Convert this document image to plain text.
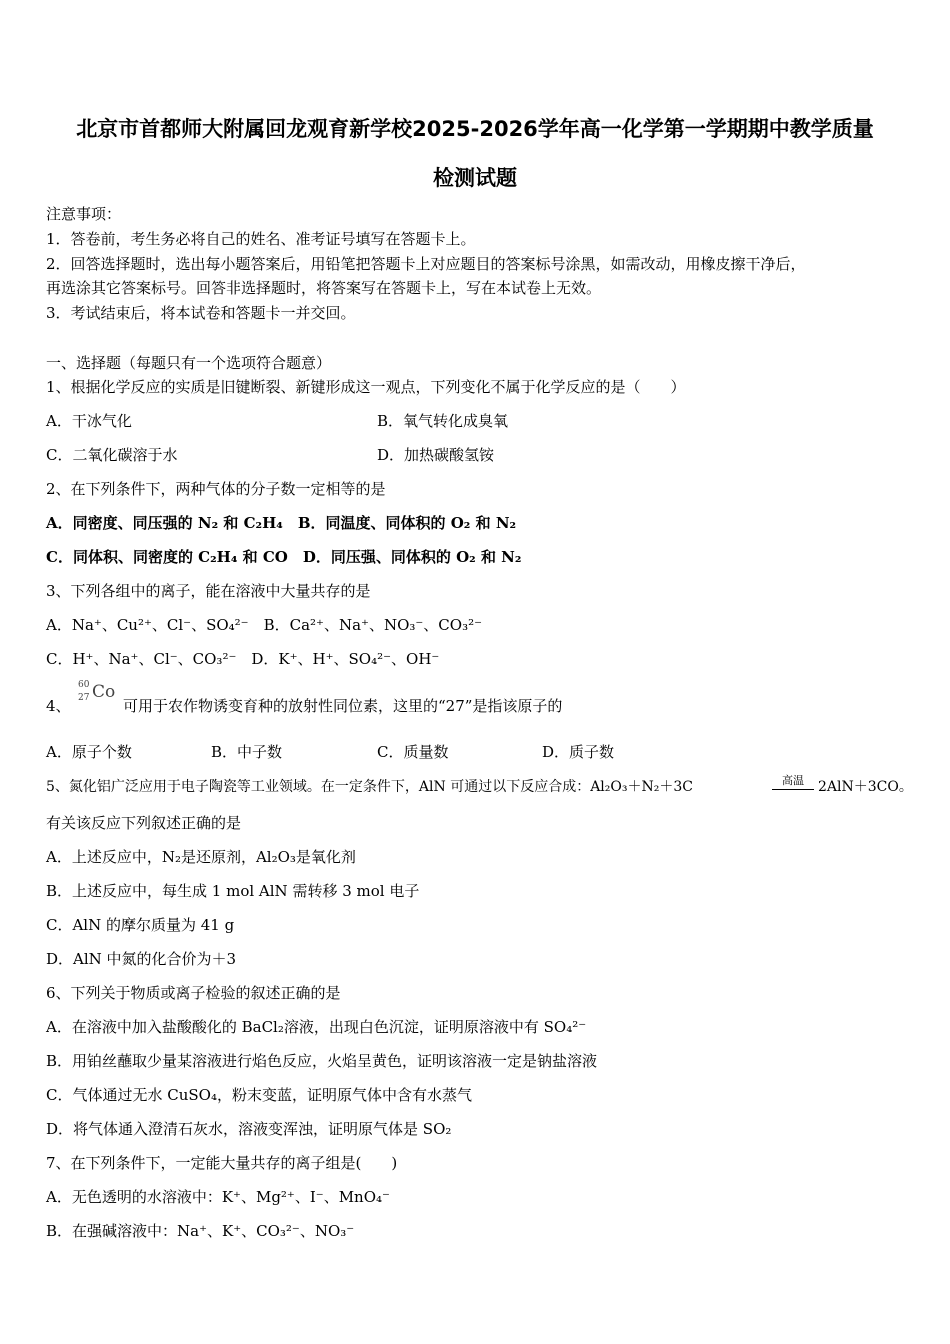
北京市首都师大附属回龙观育新学校2025-2026学年高一化学第一学期期中教学质量
检测试题
注意事项：
1．答卷前，考生务必将自己的姓名、准考证号填写在答题卡上。
2．回答选择题时，选出每小题答案后，用铅笔把答题卡上对应题目的答案标号涂黑，如需改动，用橡皮擦干净后，
再选涂其它答案标号。回答非选择题时，将答案写在答题卡上，写在本试卷上无效。
3．考试结束后，将本试卷和答题卡一并交回。
一、选择题（每题只有一个选项符合题意）
1、根据化学反应的实质是旧键断裂、新键形成这一观点，下列变化不属于化学反应的是（　　）
A．干冰气化	B．氧气转化成臭氧
C．二氧化碳溶于水	D．加热碳酸氢铵
2、在下列条件下，两种气体的分子数一定相等的是
A．同密度、同压强的 N₂ 和 C₂H₄　B．同温度、同体积的 O₂ 和 N₂
C．同体积、同密度的 C₂H₄ 和 CO　D．同压强、同体积的 O₂ 和 N₂
3、下列各组中的离子，能在溶液中大量共存的是
A．Na⁺、Cu²⁺、Cl⁻、SO₄²⁻　B．Ca²⁺、Na⁺、NO₃⁻、CO₃²⁻
C．H⁺、Na⁺、Cl⁻、CO₃²⁻　D．K⁺、H⁺、SO₄²⁻、OH⁻
4、
60
27 Co
可用于农作物诱变育种的放射性同位素，这里的“27”是指该原子的
A．原子个数	B．中子数	C．质量数	D．质子数
5、氮化铝广泛应用于电子陶瓷等工业领域。在一定条件下，AlN 可通过以下反应合成：Al₂O₃＋N₂＋3C	高温	2AlN＋3CO。
有关该反应下列叙述正确的是
A．上述反应中，N₂是还原剂，Al₂O₃是氧化剂
B．上述反应中，每生成 1 mol AlN 需转移 3 mol 电子
C．AlN 的摩尔质量为 41 g
D．AlN 中氮的化合价为＋3
6、下列关于物质或离子检验的叙述正确的是
A．在溶液中加入盐酸酸化的 BaCl₂溶液，出现白色沉淀，证明原溶液中有 SO₄²⁻
B．用铂丝蘸取少量某溶液进行焰色反应，火焰呈黄色，证明该溶液一定是钠盐溶液
C．气体通过无水 CuSO₄，粉末变蓝，证明原气体中含有水蒸气
D．将气体通入澄清石灰水，溶液变浑浊，证明原气体是 SO₂
7、在下列条件下，一定能大量共存的离子组是(　　)
A．无色透明的水溶液中：K⁺、Mg²⁺、I⁻、MnO₄⁻
B．在强碱溶液中：Na⁺、K⁺、CO₃²⁻、NO₃⁻
